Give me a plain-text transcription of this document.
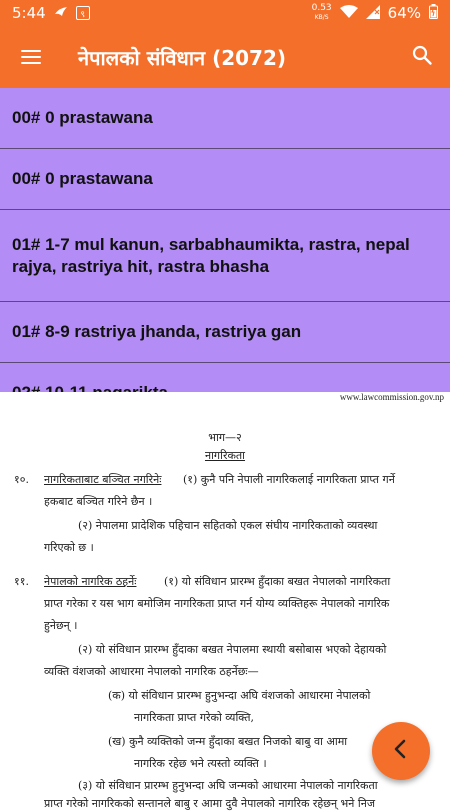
5:44	९
0.53
KB/S	64%
नेपालको संविधान (2072)
00# 0 prastawana
00# 0 prastawana
01# 1-7 mul kanun, sarbabhaumikta, rastra, nepal rajya, rastriya hit, rastra bhasha
01# 8-9 rastriya jhanda, rastriya gan
www.lawcommission.gov.np
भाग—२
नागरिकता
१०. नागरिकताबाट बञ्चित नगरिनेः (१) कुनै पनि नेपाली नागरिकलाई नागरिकता प्राप्त गर्ने
हकबाट बञ्चित गरिने छैन ।
(२) नेपालमा प्रादेशिक पहिचान सहितको एकल संघीय नागरिकताको व्यवस्था
गरिएको छ ।
११. नेपालको नागरिक ठहर्नेः	(१) यो संविधान प्रारम्भ हुँदाका बखत नेपालको नागरिकता
प्राप्त गरेका र यस भाग बमोजिम नागरिकता प्राप्त गर्न योग्य व्यक्तिहरू नेपालको नागरिक
हुनेछन् ।
(२) यो संविधान प्रारम्भ हुँदाका बखत नेपालमा स्थायी बसोबास भएको देहायको
व्यक्ति वंशजको आधारमा नेपालको नागरिक ठहर्नेछः—
(क) यो संविधान प्रारम्भ हुनुभन्दा अघि वंशजको आधारमा नेपालको
नागरिकता प्राप्त गरेको व्यक्ति,
(ख) कुनै व्यक्तिको जन्म हुँदाका बखत निजको बाबु वा आमा
नागरिक रहेछ भने त्यस्तो व्यक्ति ।
(३) यो संविधान प्रारम्भ हुनुभन्दा अघि जन्मको आधारमा नेपालको नागरिकता
प्राप्त गरेको नागरिकको सन्तानले बाबु र आमा दुवै नेपालको नागरिक रहेछन् भने निज
